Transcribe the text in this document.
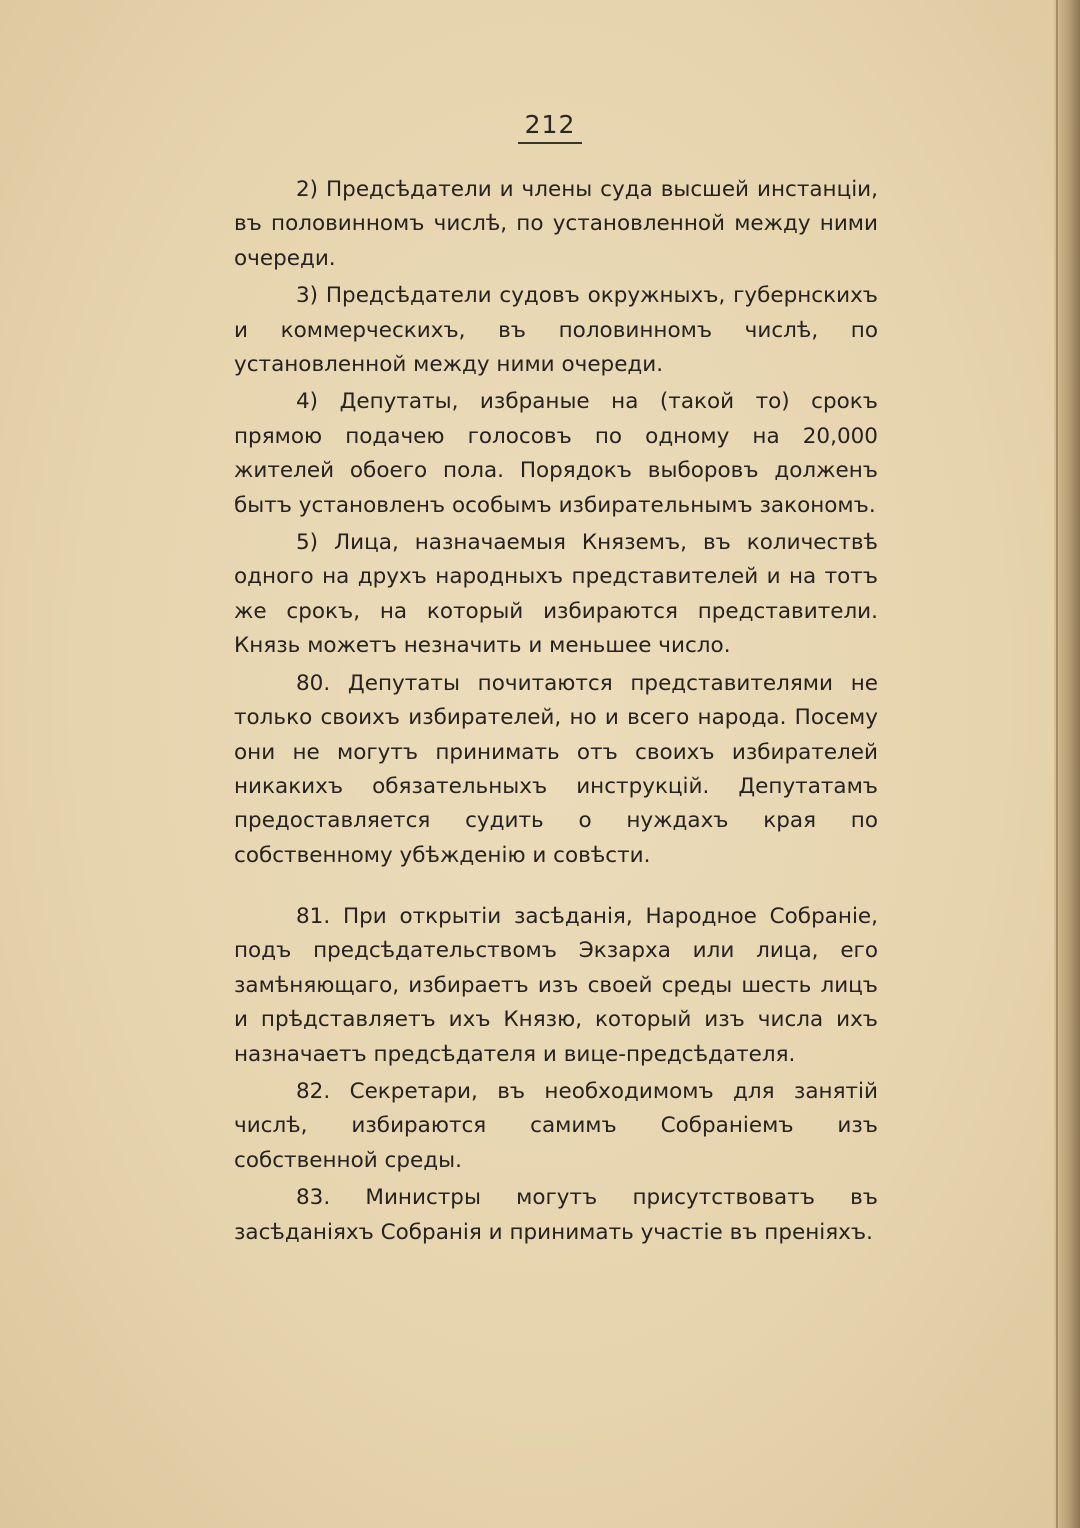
212

2) Предсѣдатели и члены суда высшей инстанціи, въ половинномъ числѣ, по установленной между ними очереди.

3) Предсѣдатели судовъ окружныхъ, губернскихъ и коммерческихъ, въ половинномъ числѣ, по установленной между ними очереди.

4) Депутаты, избраные на (такой то) срокъ прямою подачею голосовъ по одному на 20,000 жителей обоего пола. Порядокъ выборовъ долженъ бытъ установленъ особымъ избирательнымъ закономъ.

5) Лица, назначаемыя Княземъ, въ количествѣ одного на друхъ народныхъ представителей и на тотъ же срокъ, на который избираются представители. Князь можетъ незначить и меньшее число.

80. Депутаты почитаются представителями не только своихъ избирателей, но и всего народа. Посему они не могутъ принимать отъ своихъ избирателей никакихъ обязательныхъ инструкцій. Депутатамъ предоставляется судить о нуждахъ края по собственному убѣжденію и совѣсти.

81. При открытіи засѣданія, Народное Собраніе, подъ предсѣдательствомъ Экзарха или лица, его замѣняющаго, избираетъ изъ своей среды шесть лицъ и прѣдставляетъ ихъ Князю, который изъ числа ихъ назначаетъ предсѣдателя и вице-предсѣдателя.

82. Секретари, въ необходимомъ для занятій числѣ, избираются самимъ Собраніемъ изъ собственной среды.

83. Министры могутъ присутствоватъ въ засѣданіяхъ Собранія и принимать участіе въ преніяхъ.
